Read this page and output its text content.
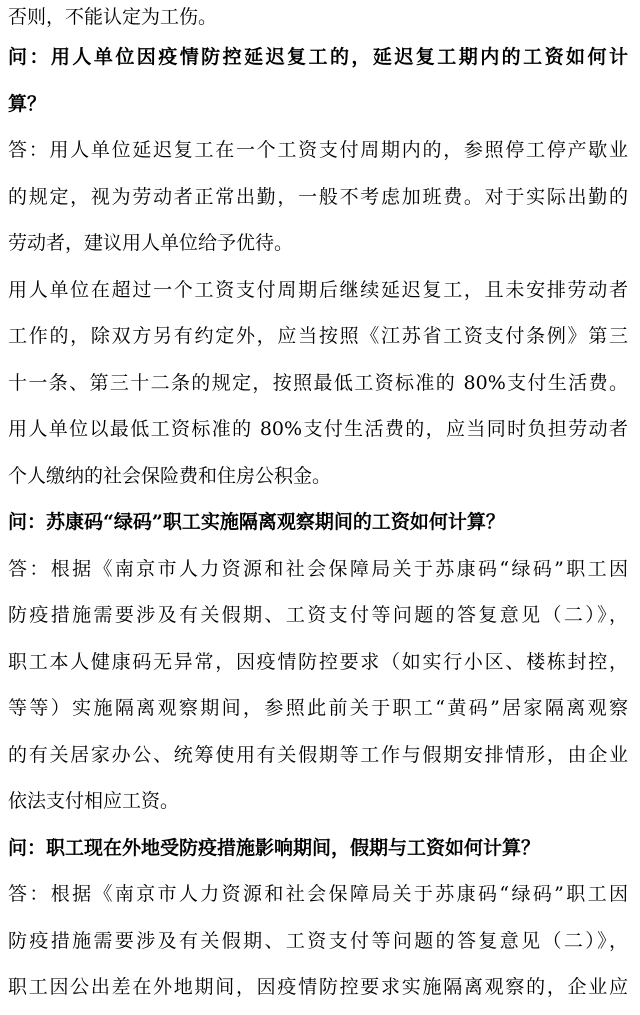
否则，不能认定为工伤。
问：用人单位因疫情防控延迟复工的，延迟复工期内的工资如何计
算？
答：用人单位延迟复工在一个工资支付周期内的，参照停工停产歇业
的规定，视为劳动者正常出勤，一般不考虑加班费。对于实际出勤的
劳动者，建议用人单位给予优待。
用人单位在超过一个工资支付周期后继续延迟复工，且未安排劳动者
工作的，除双方另有约定外，应当按照《江苏省工资支付条例》第三
十一条、第三十二条的规定，按照最低工资标准的 80%支付生活费。
用人单位以最低工资标准的 80%支付生活费的，应当同时负担劳动者
个人缴纳的社会保险费和住房公积金。
问：苏康码“绿码”职工实施隔离观察期间的工资如何计算？
答：根据《南京市人力资源和社会保障局关于苏康码“绿码”职工因
防疫措施需要涉及有关假期、工资支付等问题的答复意见（二）》，
职工本人健康码无异常，因疫情防控要求（如实行小区、楼栋封控，
等等）实施隔离观察期间，参照此前关于职工“黄码”居家隔离观察
的有关居家办公、统筹使用有关假期等工作与假期安排情形，由企业
依法支付相应工资。
问：职工现在外地受防疫措施影响期间，假期与工资如何计算？
答：根据《南京市人力资源和社会保障局关于苏康码“绿码”职工因
防疫措施需要涉及有关假期、工资支付等问题的答复意见（二）》，
职工因公出差在外地期间，因疫情防控要求实施隔离观察的，企业应
